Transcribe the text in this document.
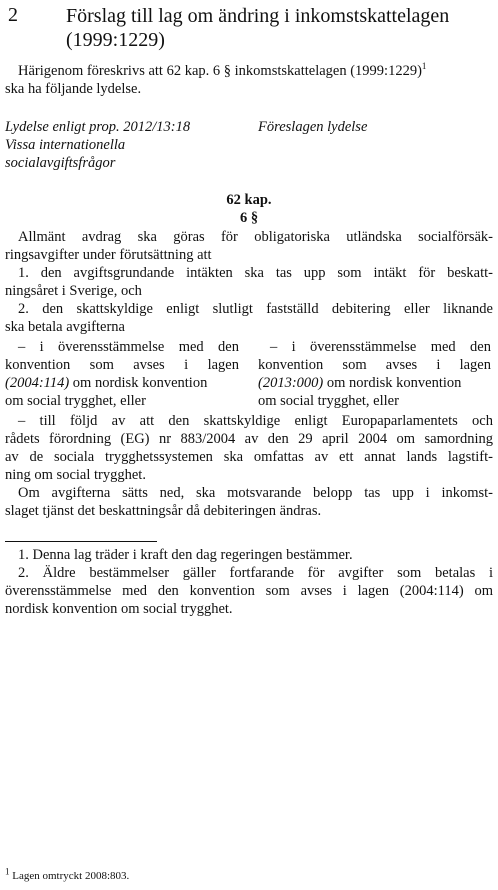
2 Förslag till lag om ändring i inkomstskattelagen
(1999:1229)
Härigenom föreskrivs att 62 kap. 6 § inkomstskattelagen (1999:1229)$^1$
ska ha följande lydelse.
Lydelse enligt prop. 2012/13:18
Vissa internationella
socialavgiftsfrågor
Föreslagen lydelse
62 kap.
6 §
Allmänt avdrag ska göras för obligatoriska utländska socialförsäk-
ringsavgifter under förutsättning att
1. den avgiftsgrundande intäkten ska tas upp som intäkt för beskatt-
ningsåret i Sverige, och
2. den skattskyldige enligt slutligt fastställd debitering eller liknande
ska betala avgifterna
– i överensstämmelse med den
konvention som avses i lagen
(2004:114) om nordisk konvention
om social trygghet, eller
– i överensstämmelse med den
konvention som avses i lagen
(2013:000) om nordisk konvention
om social trygghet, eller
– till följd av att den skattskyldige enligt Europaparlamentets och
rådets förordning (EG) nr 883/2004 av den 29 april 2004 om samordning
av de sociala trygghetssystemen ska omfattas av ett annat lands lagstift-
ning om social trygghet.
Om avgifterna sätts ned, ska motsvarande belopp tas upp i inkomst-
slaget tjänst det beskattningsår då debiteringen ändras.
1. Denna lag träder i kraft den dag regeringen bestämmer.
2. Äldre bestämmelser gäller fortfarande för avgifter som betalas i
överensstämmelse med den konvention som avses i lagen (2004:114) om
nordisk konvention om social trygghet.
$^1$ Lagen omtryckt 2008:803.
